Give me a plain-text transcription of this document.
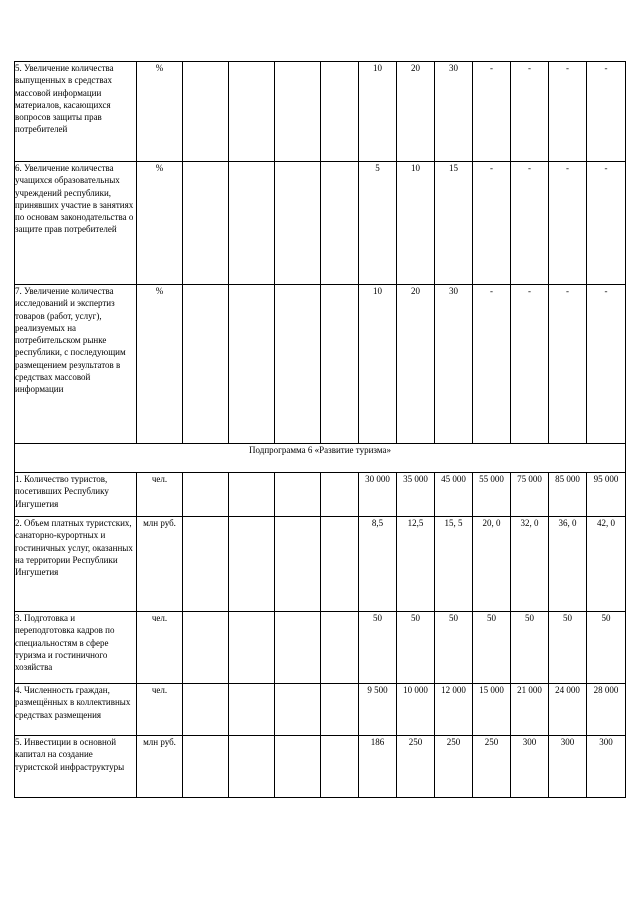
5. Увеличение количества выпущенных в средствах массовой информации материалов, касающихся вопросов защиты прав потребителей	%					10	20	30	-	-	-	-
6. Увеличение количества учащихся образовательных учреждений республики, принявших участие в занятиях по основам законодательства о защите прав потребителей	%					5	10	15	-	-	-	-
7. Увеличение количества исследований и экспертиз товаров (работ, услуг), реализуемых на потребительском рынке республики, с последующим размещением результатов в средствах массовой информации	%					10	20	30	-	-	-	-
Подпрограмма 6 «Развитие туризма»												
1. Количество туристов, посетивших Республику Ингушетия	чел.					30 000	35 000	45 000	55 000	75 000	85 000	95 000
2. Объем платных туристских, санаторно-курортных и гостиничных услуг, оказанных на территории Республики Ингушетия	млн руб.					8,5	12,5	15, 5	20, 0	32, 0	36, 0	42, 0
3. Подготовка и переподготовка кадров по специальностям в сфере туризма и гостиничного хозяйства	чел.					50	50	50	50	50	50	50
4. Численность граждан, размещённых в коллективных средствах размещения	чел.					9 500	10 000	12 000	15 000	21 000	24 000	28 000
5. Инвестиции в основной капитал на создание туристской инфраструктуры	млн руб.					186	250	250	250	300	300	300
